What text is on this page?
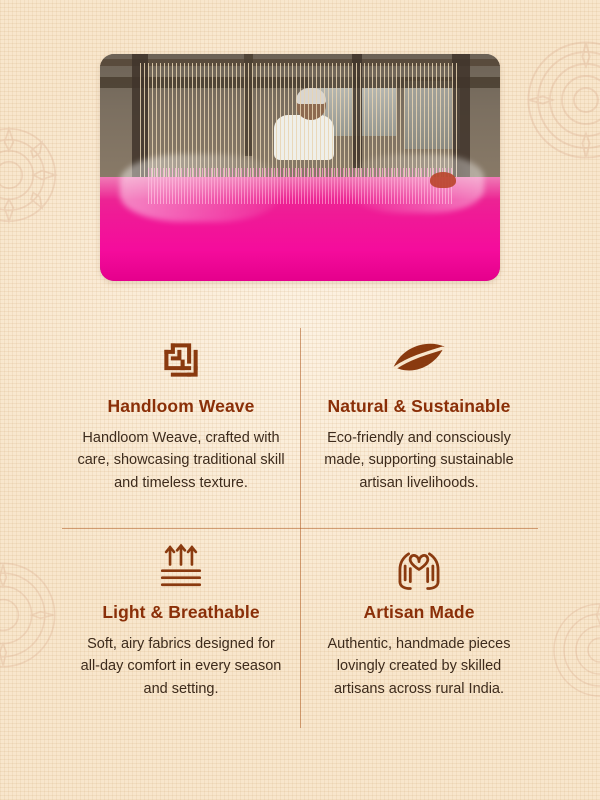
Handloom Weave
Handloom Weave, crafted with care, showcasing traditional skill and timeless texture.
Natural & Sustainable
Eco-friendly and consciously made, supporting sustainable artisan livelihoods.
Light & Breathable
Soft, airy fabrics designed for all-day comfort in every season and setting.
Artisan Made
Authentic, handmade pieces lovingly created by skilled artisans across rural India.
